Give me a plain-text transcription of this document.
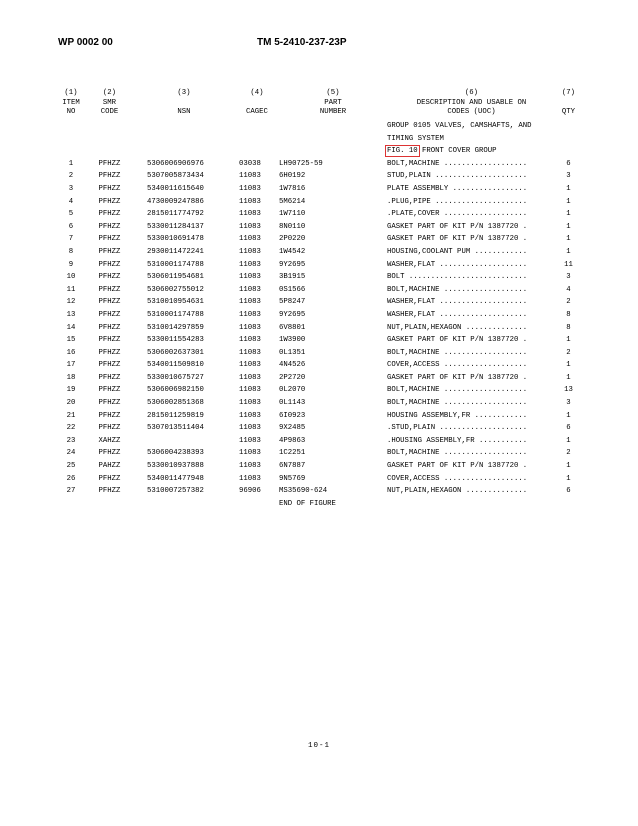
WP 0002 00	TM 5-2410-237-23P
(1)	(2)	(3)	(4)	(5)	(6)	(7)
ITEM	SMR			PART	DESCRIPTION AND USABLE ON	
NO	CODE	NSN	CAGEC	NUMBER	CODES (UOC)	QTY
					GROUP 0105 VALVES, CAMSHAFTS, AND	
					TIMING SYSTEM	
					FIG. 10 FRONT COVER GROUP	
1	PFHZZ	5306006906976	03038	LH90725-59	BOLT,MACHINE ...................	6
2	PFHZZ	5307005873434	11083	6H0192	STUD,PLAIN .....................	3
3	PFHZZ	5340011615640	11083	1W7816	PLATE ASSEMBLY .................	1
4	PFHZZ	4730009247886	11083	5M6214	.PLUG,PIPE .....................	1
5	PFHZZ	2815011774792	11083	1W7110	.PLATE,COVER ...................	1
6	PFHZZ	5330011284137	11083	8N0110	GASKET PART OF KIT P/N 1387720 .	1
7	PFHZZ	5330010691478	11083	2P0220	GASKET PART OF KIT P/N 1387720 .	1
8	PFHZZ	2930011472241	11083	1W4542	HOUSING,COOLANT PUM ............	1
9	PFHZZ	5310001174788	11083	9Y2695	WASHER,FLAT ....................	11
10	PFHZZ	5306011954681	11083	3B1915	BOLT ...........................	3
11	PFHZZ	5306002755012	11083	0S1566	BOLT,MACHINE ...................	4
12	PFHZZ	5310010954631	11083	5P8247	WASHER,FLAT ....................	2
13	PFHZZ	5310001174788	11083	9Y2695	WASHER,FLAT ....................	8
14	PFHZZ	5310014297859	11083	6V8801	NUT,PLAIN,HEXAGON ..............	8
15	PFHZZ	5330011554283	11083	1W3900	GASKET PART OF KIT P/N 1387720 .	1
16	PFHZZ	5306002637301	11083	0L1351	BOLT,MACHINE ...................	2
17	PFHZZ	5340011509810	11083	4N4526	COVER,ACCESS ...................	1
18	PFHZZ	5330010675727	11083	2P2720	GASKET PART OF KIT P/N 1387720 .	1
19	PFHZZ	5306006982150	11083	0L2070	BOLT,MACHINE ...................	13
20	PFHZZ	5306002851368	11083	0L1143	BOLT,MACHINE ...................	3
21	PFHZZ	2815011259819	11083	6I0923	HOUSING ASSEMBLY,FR ............	1
22	PFHZZ	5307013511404	11083	9X2485	.STUD,PLAIN ....................	6
23	XAHZZ		11083	4P9863	.HOUSING ASSEMBLY,FR ...........	1
24	PFHZZ	5306004238393	11083	1C2251	BOLT,MACHINE ...................	2
25	PAHZZ	5330010937888	11083	6N7887	GASKET PART OF KIT P/N 1387720 .	1
26	PFHZZ	5340011477948	11083	9N5769	COVER,ACCESS ...................	1
27	PFHZZ	5310007257382	96906	MS35690-624	NUT,PLAIN,HEXAGON ..............	6
				END OF FIGURE		
10-1
